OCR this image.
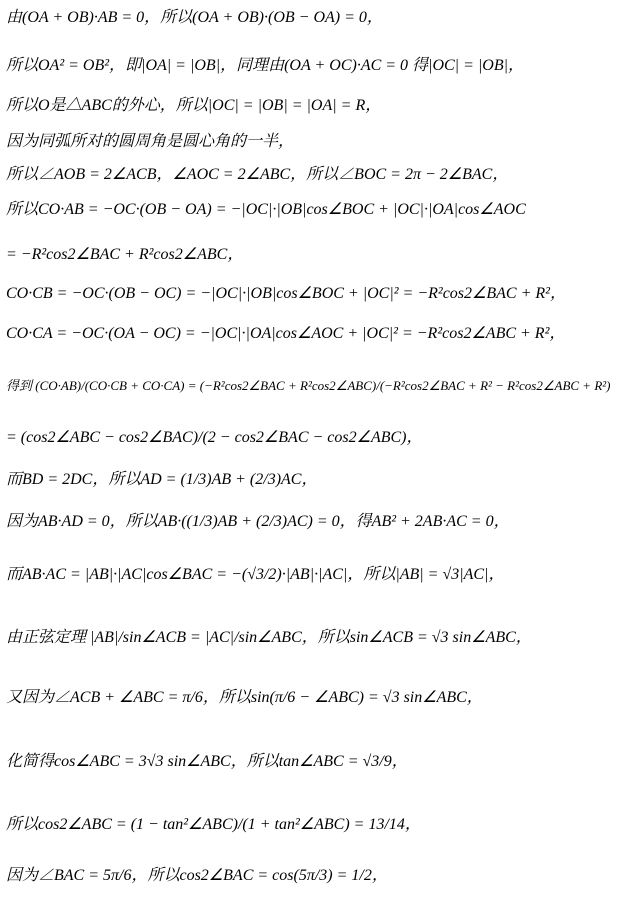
由(OA + OB)·AB = 0，所以(OA + OB)·(OB − OA) = 0，
所以OA² = OB²，即|OA| = |OB|，同理由(OA + OC)·AC = 0 得|OC| = |OB|，
所以O是△ABC的外心，所以|OC| = |OB| = |OA| = R，
因为同弧所对的圆周角是圆心角的一半，
所以∠AOB = 2∠ACB，∠AOC = 2∠ABC，所以∠BOC = 2π − 2∠BAC，
所以CO·AB = −OC·(OB − OA) = −|OC|·|OB|cos∠BOC + |OC|·|OA|cos∠AOC
= −R²cos2∠BAC + R²cos2∠ABC，
CO·CB = −OC·(OB − OC) = −|OC|·|OB|cos∠BOC + |OC|² = −R²cos2∠BAC + R²，
CO·CA = −OC·(OA − OC) = −|OC|·|OA|cos∠AOC + |OC|² = −R²cos2∠ABC + R²，
得到 (CO·AB)/(CO·CB + CO·CA) = (−R²cos2∠BAC + R²cos2∠ABC)/(−R²cos2∠BAC + R² − R²cos2∠ABC + R²)
= (cos2∠ABC − cos2∠BAC)/(2 − cos2∠BAC − cos2∠ABC)，
而BD = 2DC，所以AD = (1/3)AB + (2/3)AC，
因为AB·AD = 0，所以AB·((1/3)AB + (2/3)AC) = 0，得AB² + 2AB·AC = 0，
而AB·AC = |AB|·|AC|cos∠BAC = −(√3/2)·|AB|·|AC|，所以|AB| = √3|AC|，
由正弦定理 |AB|/sin∠ACB = |AC|/sin∠ABC，所以sin∠ACB = √3 sin∠ABC，
又因为∠ACB + ∠ABC = π/6，所以sin(π/6 − ∠ABC) = √3 sin∠ABC，
化简得cos∠ABC = 3√3 sin∠ABC，所以tan∠ABC = √3/9，
所以cos2∠ABC = (1 − tan²∠ABC)/(1 + tan²∠ABC) = 13/14，
因为∠BAC = 5π/6，所以cos2∠BAC = cos(5π/3) = 1/2，
